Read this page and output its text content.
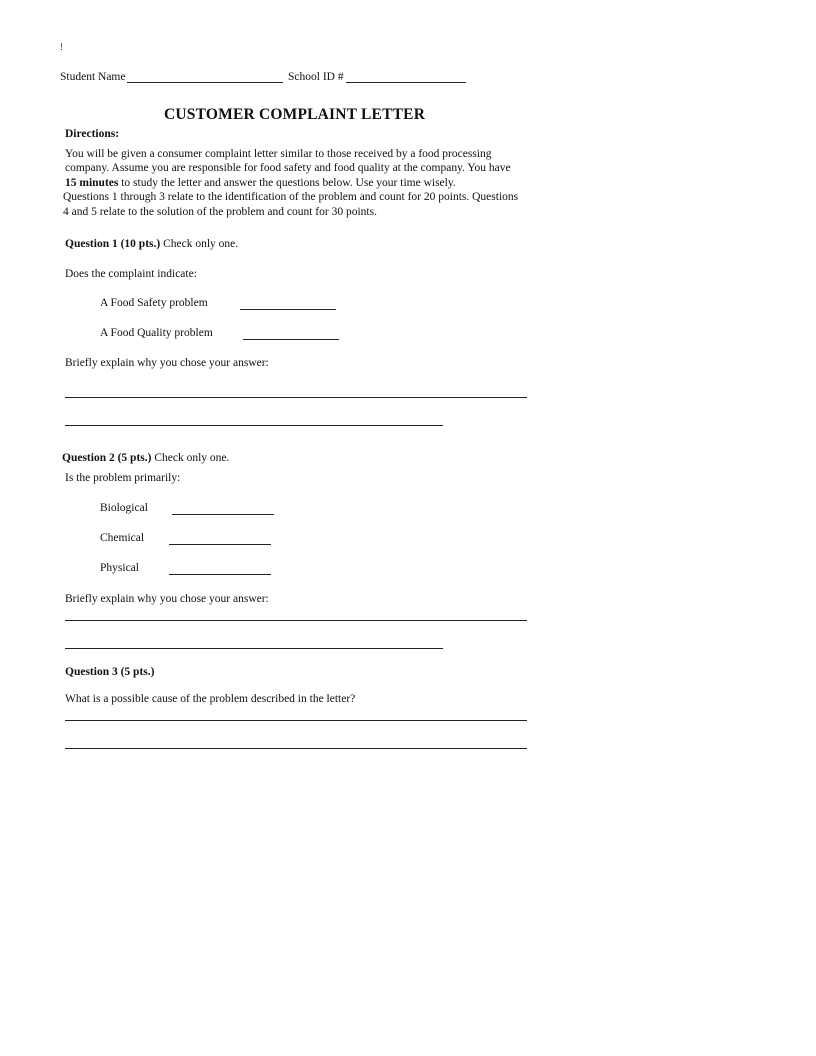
!
Student Name	School ID #
CUSTOMER COMPLAINT LETTER
Directions:
You will be given a consumer complaint letter similar to those received by a food processing
company. Assume you are responsible for food safety and food quality at the company. You have
15 minutes to study the letter and answer the questions below. Use your time wisely.
Questions 1 through 3 relate to the identification of the problem and count for 20 points. Questions
4 and 5 relate to the solution of the problem and count for 30 points.
Question 1 (10 pts.) Check only one.
Does the complaint indicate:
A Food Safety problem
A Food Quality problem
Briefly explain why you chose your answer:
Question 2 (5 pts.) Check only one.
Is the problem primarily:
Biological
Chemical
Physical
Briefly explain why you chose your answer:
Question 3 (5 pts.)
What is a possible cause of the problem described in the letter?
